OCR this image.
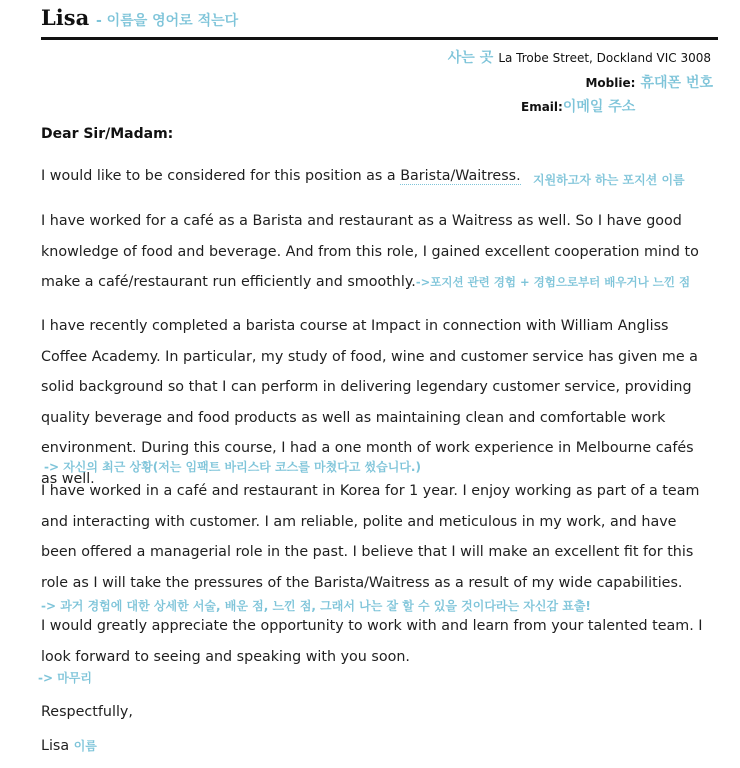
Lisa - 이름을 영어로 적는다
사는 곳 La Trobe Street, Dockland VIC 3008
Moblie: 휴대폰 번호
Email:이메일 주소
Dear Sir/Madam:
I would like to be considered for this position as a Barista/Waitress. 지원하고자 하는 포지션 이름
I have worked for a café as a Barista and restaurant as a Waitress as well. So I have good knowledge of food and beverage. And from this role, I gained excellent cooperation mind to make a café/restaurant run efficiently and smoothly.->포지션 관련 경험 + 경험으로부터 배우거나 느낀 점
I have recently completed a barista course at Impact in connection with William Angliss Coffee Academy. In particular, my study of food, wine and customer service has given me a solid background so that I can perform in delivering legendary customer service, providing quality beverage and food products as well as maintaining clean and comfortable work environment. During this course, I had a one month of work experience in Melbourne cafés as well.
-> 자신의 최근 상황(저는 임팩트 바리스타 코스를 마쳤다고 썼습니다.)
I have worked in a café and restaurant in Korea for 1 year. I enjoy working as part of a team and interacting with customer. I am reliable, polite and meticulous in my work, and have been offered a managerial role in the past. I believe that I will make an excellent fit for this role as I will take the pressures of the Barista/Waitress as a result of my wide capabilities.
-> 과거 경험에 대한 상세한 서술, 배운 점, 느낀 점, 그래서 나는 잘 할 수 있을 것이다라는 자신감 표출!
I would greatly appreciate the opportunity to work with and learn from your talented team. I look forward to seeing and speaking with you soon.
-> 마무리
Respectfully,
Lisa 이름
